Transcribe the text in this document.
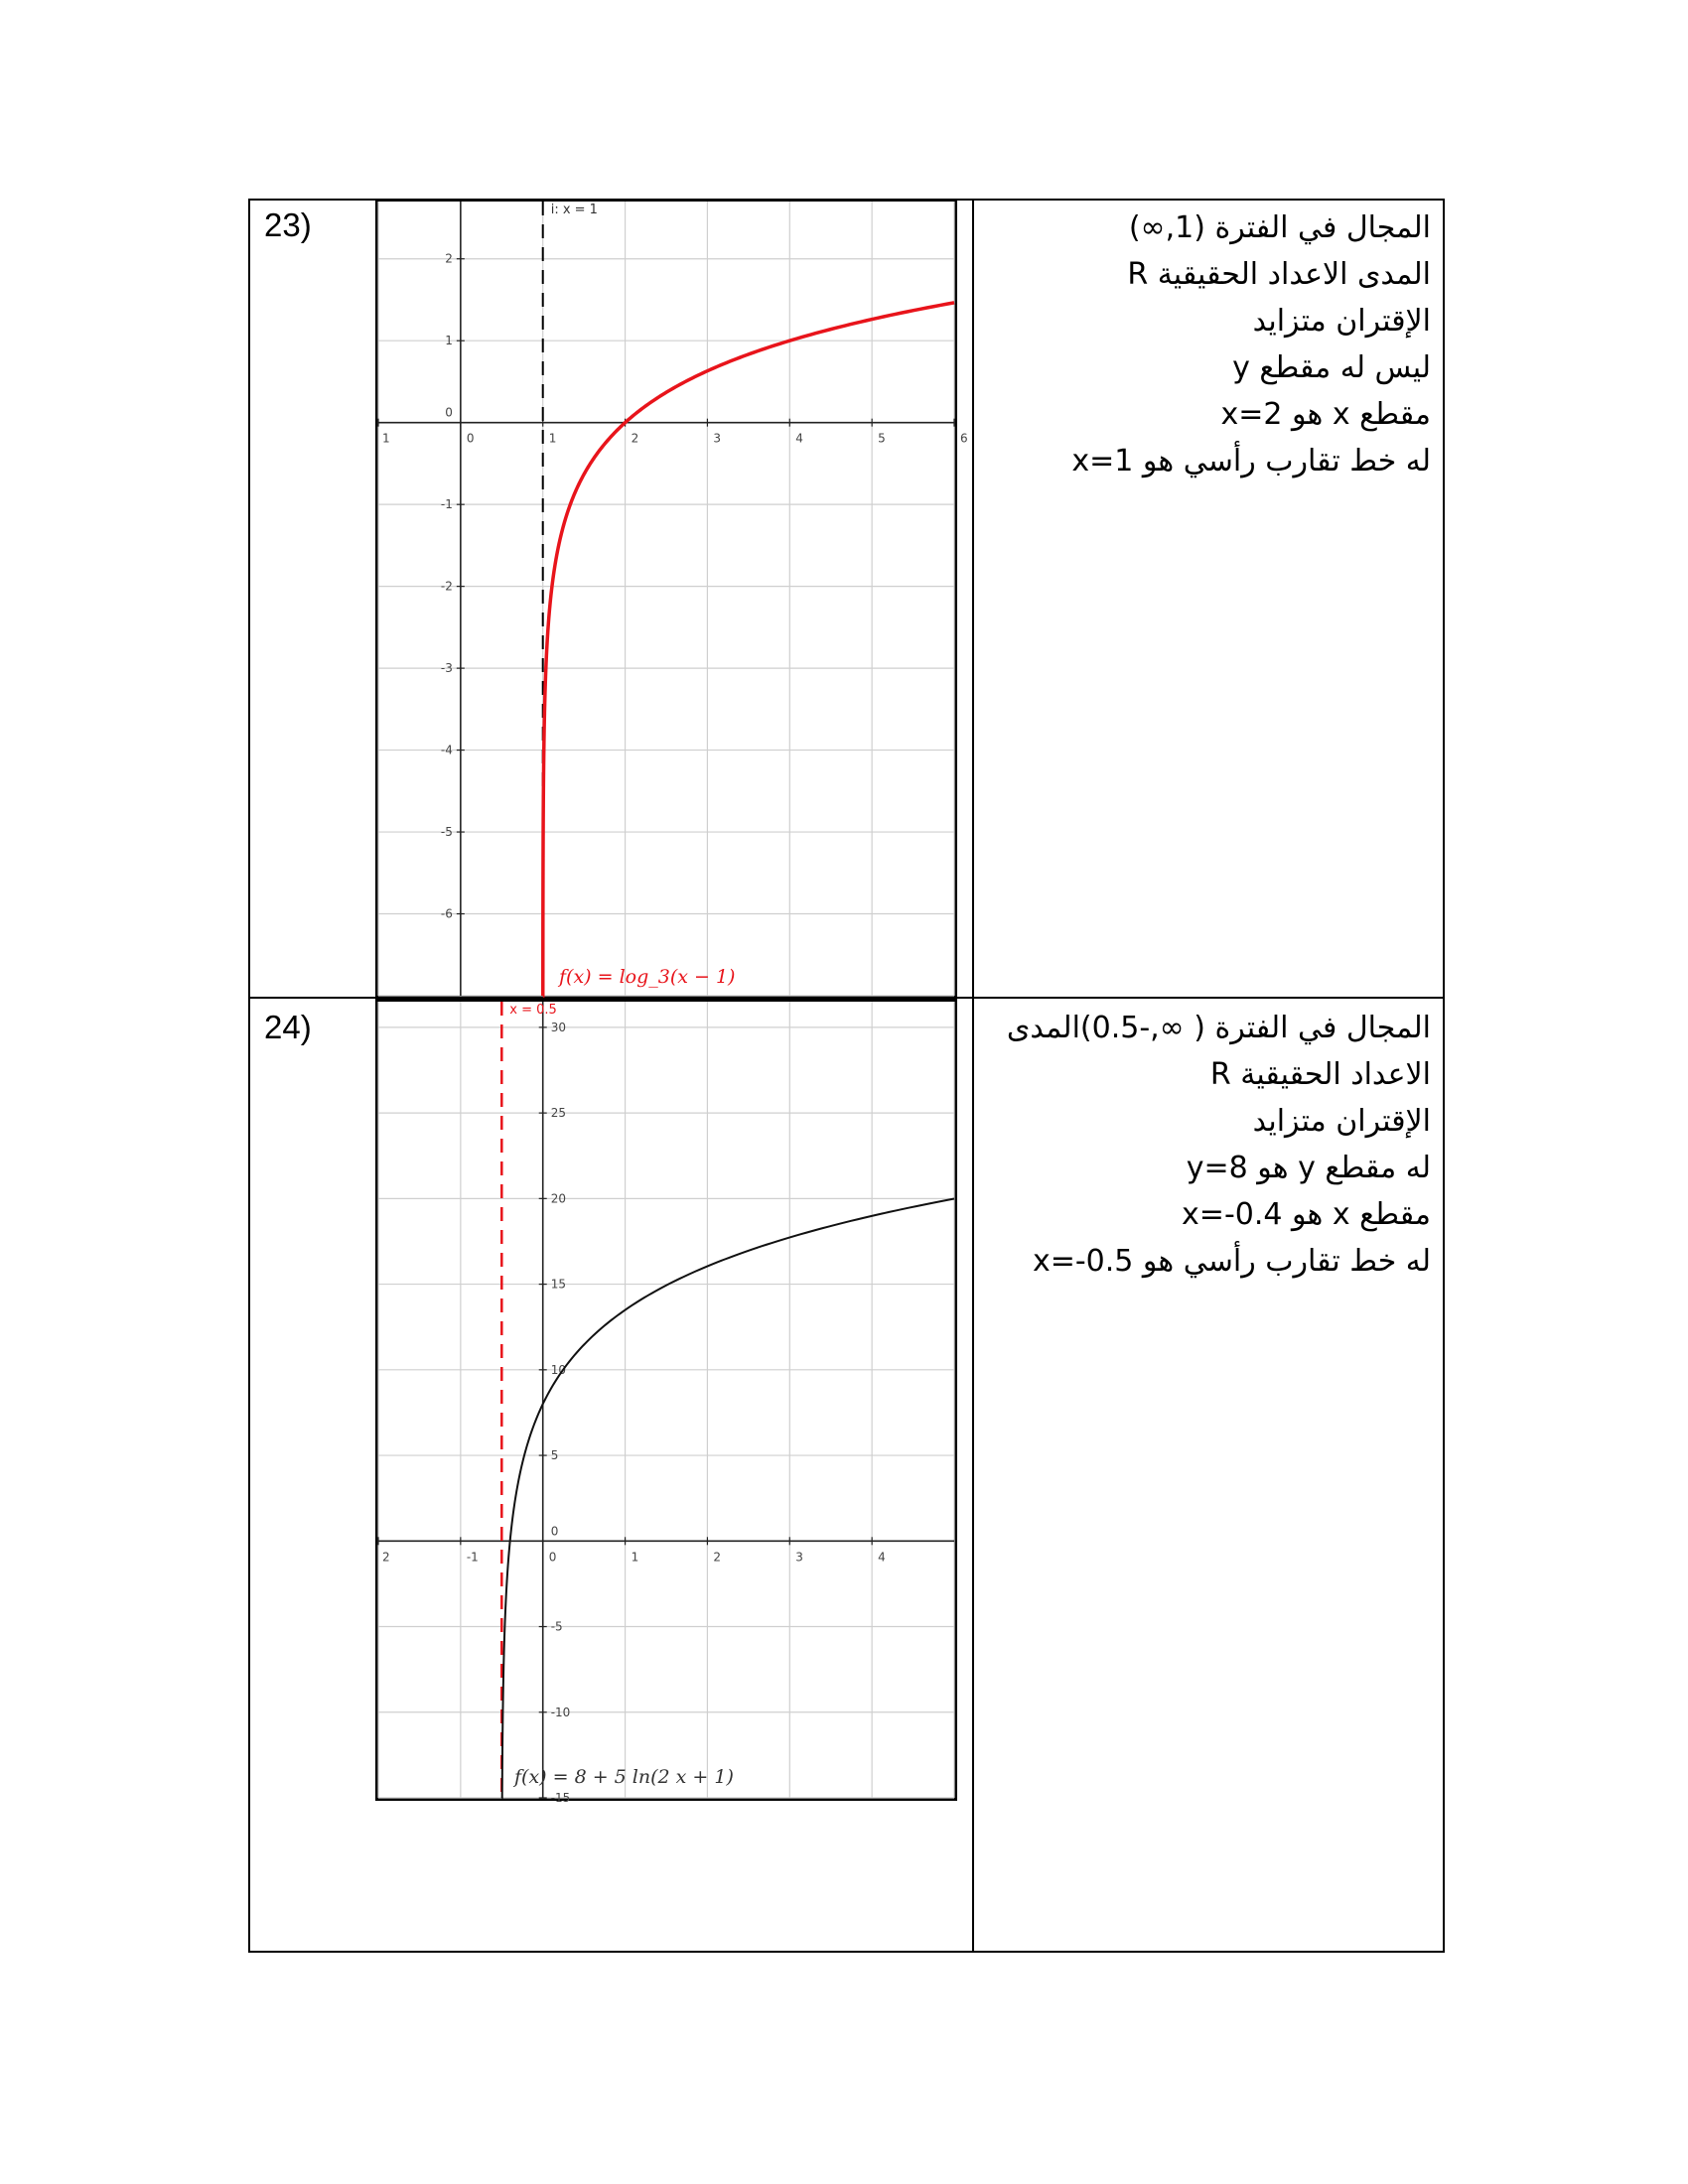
23)	المجال في الفترة (1,∞)
المدى الاعداد الحقيقية R
الإقتران متزايد
ليس له مقطع y
مقطع x هو x=2
له خط تقارب رأسي هو x=1
24)	المجال في الفترة ( ∞,-0.5)المدى
الاعداد الحقيقية R
الإقتران متزايد
له مقطع y هو y=8
مقطع x هو x=-0.4
له خط تقارب رأسي هو x=-0.5
1	0	1	2	3	4	5	6
2
1
0
-1
-2
-3
-4
-5
-6
i: x = 1
f(x) = log_3(x − 1)
2	-1	0	1	2	3	4
30
25
20
15
10
5
0
-5
-10
-15
x = 0.5
f(x) = 8 + 5 ln(2 x + 1)
